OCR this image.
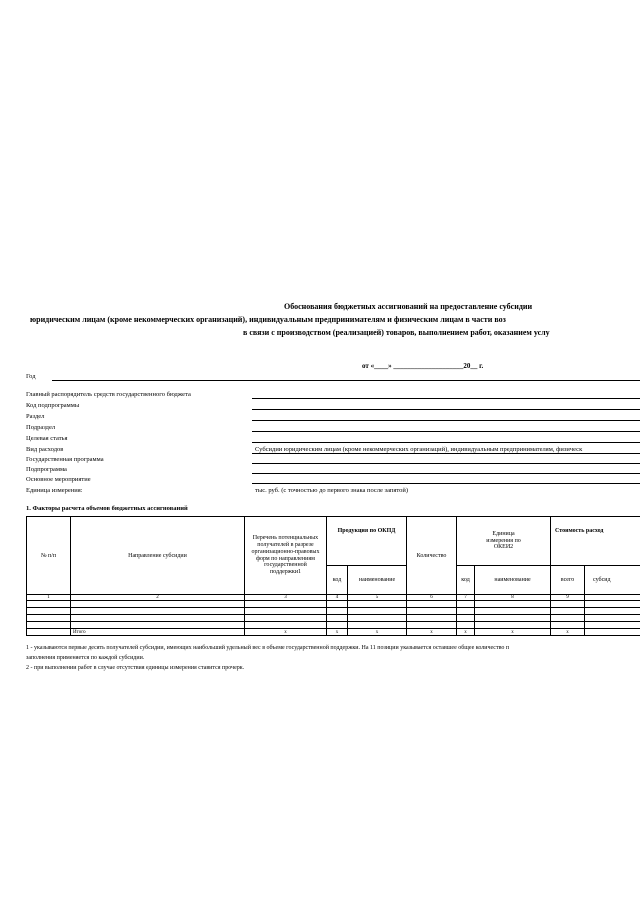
Обоснования бюджетных ассигнований на предоставление субсидии
юридическим лицам (кроме некоммерческих организаций), индивидуальным предпринимателям и физическим лицам в части воз
в связи с производством (реализацией) товаров, выполнением работ, оказанием услу
от «____» ____________________20__ г.
Год
Главный распорядитель средств государственного бюджета
Код подпрограммы
Раздел
Подраздел
Целевая статья
Вид расходов	Субсидии юридическим лицам (кроме некоммерческих организаций), индивидуальным предпринимателям, физическ
Государственная программа
Подпрограмма
Основное мероприятие
Единица измерения:	тыс. руб. (с точностью до первого знака после запятой)
1. Факторы расчета объемов бюджетных ассигнований
№ п/п	Направление субсидии	Перечень потенциальных получателей в разрезе организационно-правовых форм по направлениям государственной поддержки1	Продукция по ОКПД		Количество	Единица измерения по ОКЕИ2		Стоимость расход	
			код	наименование		код	наименование	всего	субсид
1	2	3	4	5	6	7	8	9	

	Итого	x	x	x	x	x	x	x	
1 - указываются первые десять получателей субсидии, имеющих наибольший удельный вес в объеме государственной поддержки. На 11 позиции указывается оставшее общее количество п
заполнения применяется по каждой субсидии.
2 - при выполнении работ в случае отсутствия единицы измерения ставится прочерк.
